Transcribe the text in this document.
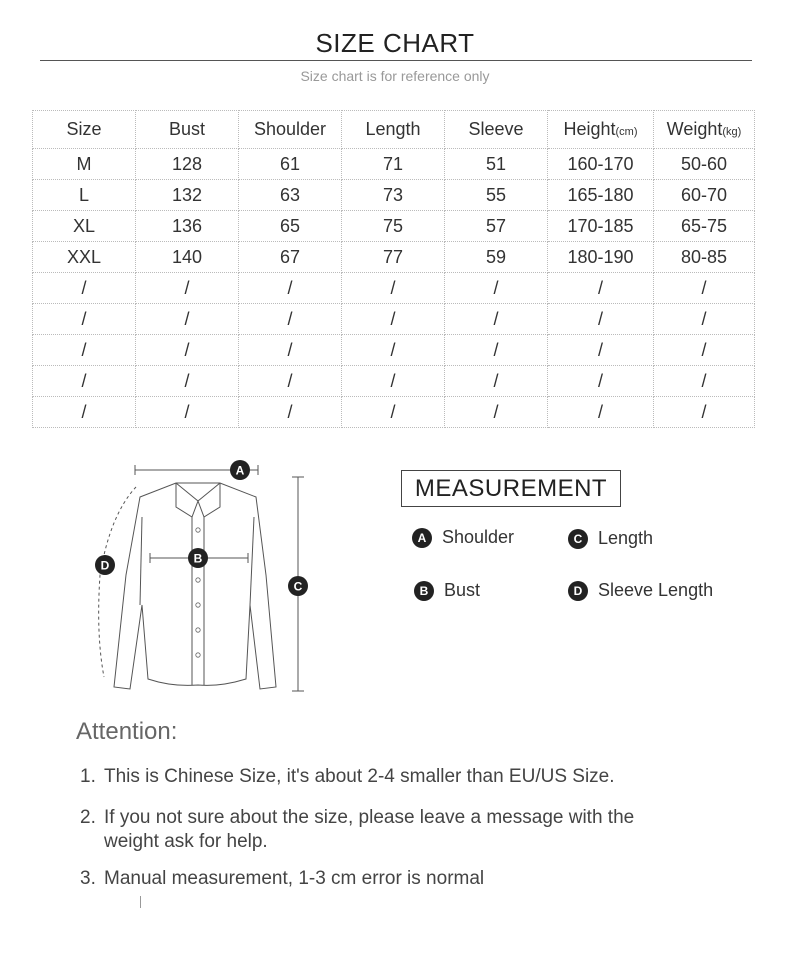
SIZE CHART
Size chart is for reference only
Size	Bust	Shoulder	Length	Sleeve	Height(cm)	Weight(kg)
M	128	61	71	51	160-170	50-60
L	132	63	73	55	165-180	60-70
XL	136	65	75	57	170-185	65-75
XXL	140	67	77	59	180-190	80-85
/	/	/	/	/	/	/
/	/	/	/	/	/	/
/	/	/	/	/	/	/
/	/	/	/	/	/	/
/	/	/	/	/	/	/
A
B
C
D
MEASUREMENT
A Shoulder
B Bust
C Length
D Sleeve Length
Attention:
1. This is Chinese Size, it's about 2-4 smaller than EU/US Size.
2. If you not sure about the size, please leave a message with the
weight ask for help.
3. Manual measurement, 1-3 cm error is normal
